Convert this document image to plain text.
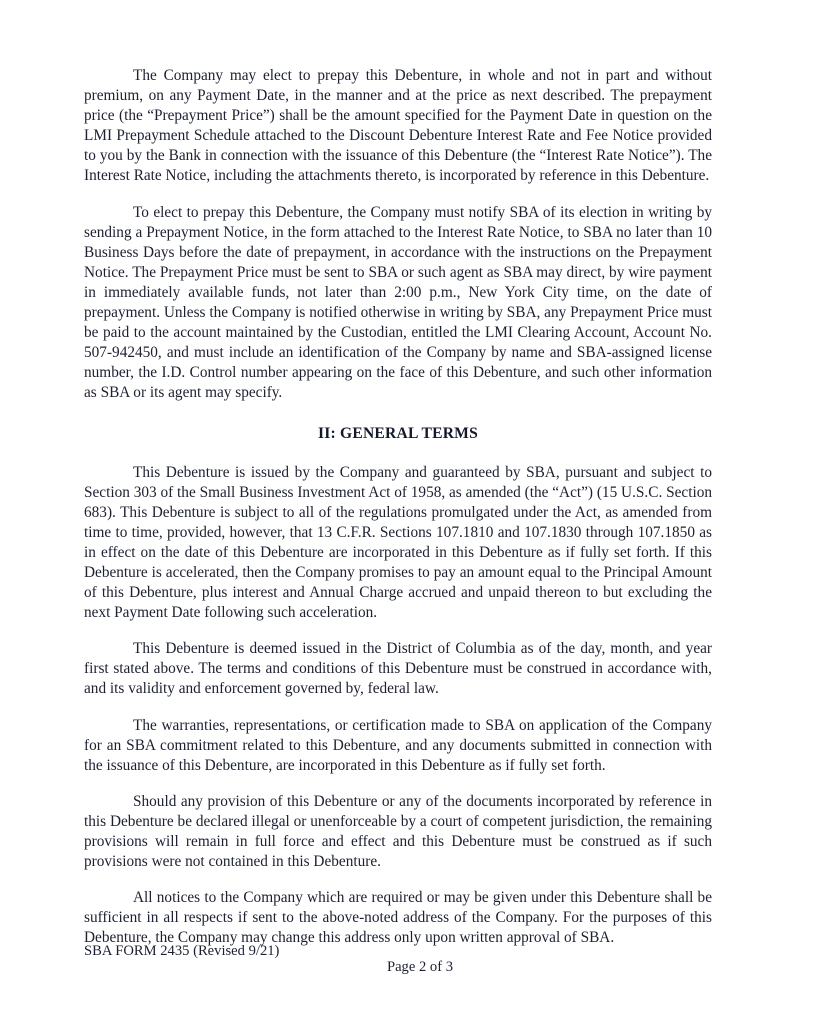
The Company may elect to prepay this Debenture, in whole and not in part and without premium, on any Payment Date, in the manner and at the price as next described. The prepayment price (the “Prepayment Price”) shall be the amount specified for the Payment Date in question on the LMI Prepayment Schedule attached to the Discount Debenture Interest Rate and Fee Notice provided to you by the Bank in connection with the issuance of this Debenture (the “Interest Rate Notice”). The Interest Rate Notice, including the attachments thereto, is incorporated by reference in this Debenture.

To elect to prepay this Debenture, the Company must notify SBA of its election in writing by sending a Prepayment Notice, in the form attached to the Interest Rate Notice, to SBA no later than 10 Business Days before the date of prepayment, in accordance with the instructions on the Prepayment Notice. The Prepayment Price must be sent to SBA or such agent as SBA may direct, by wire payment in immediately available funds, not later than 2:00 p.m., New York City time, on the date of prepayment. Unless the Company is notified otherwise in writing by SBA, any Prepayment Price must be paid to the account maintained by the Custodian, entitled the LMI Clearing Account, Account No. 507-942450, and must include an identification of the Company by name and SBA-assigned license number, the I.D. Control number appearing on the face of this Debenture, and such other information as SBA or its agent may specify.

II: GENERAL TERMS

This Debenture is issued by the Company and guaranteed by SBA, pursuant and subject to Section 303 of the Small Business Investment Act of 1958, as amended (the “Act”) (15 U.S.C. Section 683). This Debenture is subject to all of the regulations promulgated under the Act, as amended from time to time, provided, however, that 13 C.F.R. Sections 107.1810 and 107.1830 through 107.1850 as in effect on the date of this Debenture are incorporated in this Debenture as if fully set forth. If this Debenture is accelerated, then the Company promises to pay an amount equal to the Principal Amount of this Debenture, plus interest and Annual Charge accrued and unpaid thereon to but excluding the next Payment Date following such acceleration.

This Debenture is deemed issued in the District of Columbia as of the day, month, and year first stated above. The terms and conditions of this Debenture must be construed in accordance with, and its validity and enforcement governed by, federal law.

The warranties, representations, or certification made to SBA on application of the Company for an SBA commitment related to this Debenture, and any documents submitted in connection with the issuance of this Debenture, are incorporated in this Debenture as if fully set forth.

Should any provision of this Debenture or any of the documents incorporated by reference in this Debenture be declared illegal or unenforceable by a court of competent jurisdiction, the remaining provisions will remain in full force and effect and this Debenture must be construed as if such provisions were not contained in this Debenture.

All notices to the Company which are required or may be given under this Debenture shall be sufficient in all respects if sent to the above-noted address of the Company. For the purposes of this Debenture, the Company may change this address only upon written approval of SBA.

SBA FORM 2435 (Revised 9/21)
Page 2 of 3
